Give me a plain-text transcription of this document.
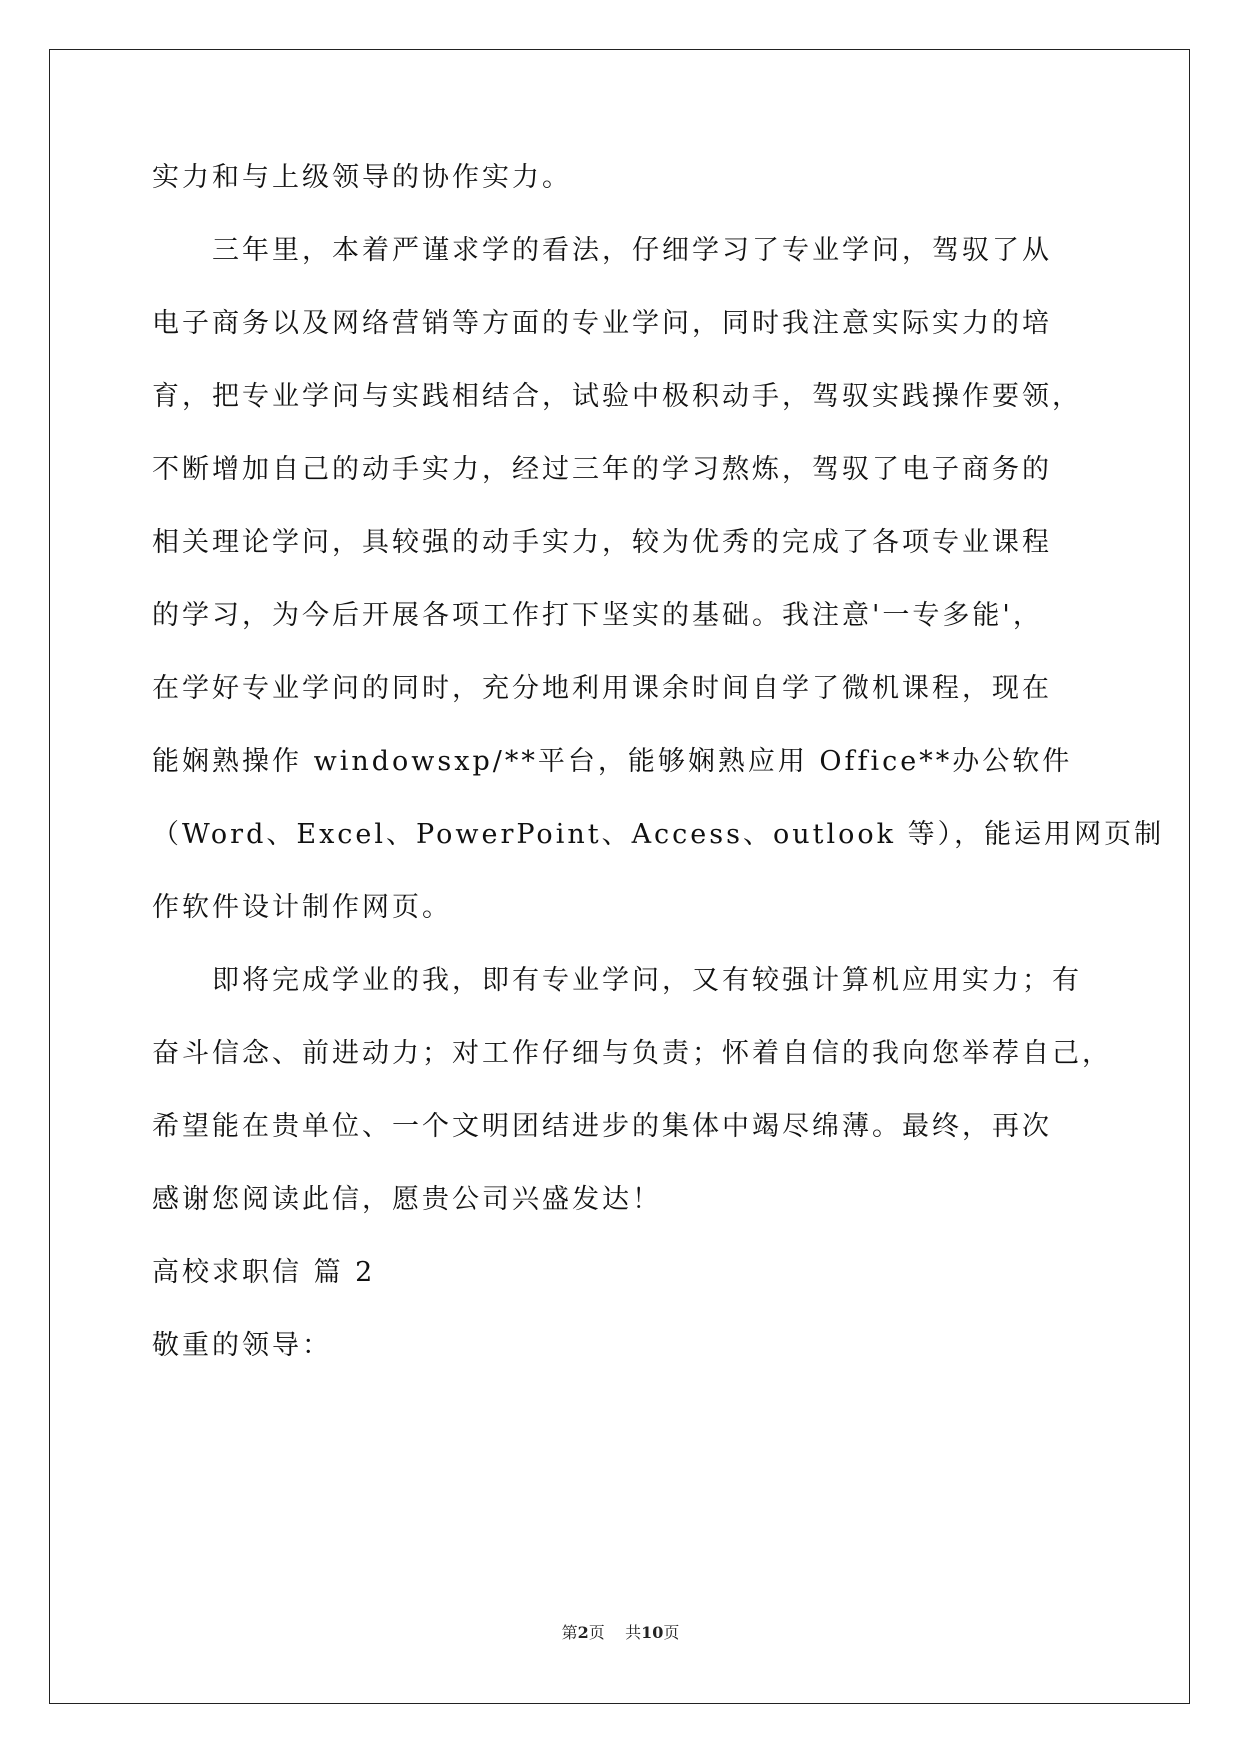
实力和与上级领导的协作实力。
　　三年里，本着严谨求学的看法，仔细学习了专业学问，驾驭了从
电子商务以及网络营销等方面的专业学问，同时我注意实际实力的培
育，把专业学问与实践相结合，试验中极积动手，驾驭实践操作要领，
不断增加自己的动手实力，经过三年的学习熬炼，驾驭了电子商务的
相关理论学问，具较强的动手实力，较为优秀的完成了各项专业课程
的学习，为今后开展各项工作打下坚实的基础。我注意'一专多能'，
在学好专业学问的同时，充分地利用课余时间自学了微机课程，现在
能娴熟操作 windowsxp/**平台，能够娴熟应用 Office**办公软件
（Word、Excel、PowerPoint、Access、outlook 等），能运用网页制
作软件设计制作网页。
　　即将完成学业的我，即有专业学问，又有较强计算机应用实力；有
奋斗信念、前进动力；对工作仔细与负责；怀着自信的我向您举荐自己，
希望能在贵单位、一个文明团结进步的集体中竭尽绵薄。最终，再次
感谢您阅读此信，愿贵公司兴盛发达！
高校求职信 篇 2
敬重的领导：
第2页 共10页
